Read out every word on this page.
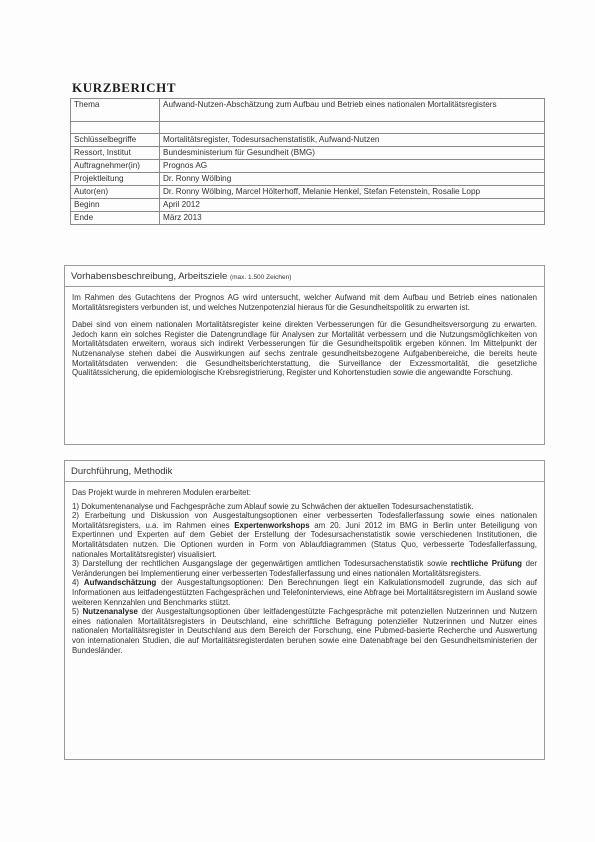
KURZBERICHT
Thema	Aufwand-Nutzen-Abschätzung zum Aufbau und Betrieb eines nationalen Mortalitätsregisters

Schlüsselbegriffe	Mortalitätsregister, Todesursachenstatistik, Aufwand-Nutzen
Ressort, Institut	Bundesministerium für Gesundheit (BMG)
Auftragnehmer(in)	Prognos AG
Projektleitung	Dr. Ronny Wölbing
Autor(en)	Dr. Ronny Wölbing, Marcel Hölterhoff, Melanie Henkel, Stefan Fetenstein, Rosalie Lopp
Beginn	April 2012
Ende	März 2013
Vorhabensbeschreibung, Arbeitsziele (max. 1.500 Zeichen)

Im Rahmen des Gutachtens der Prognos AG wird untersucht, welcher Aufwand mit dem Aufbau und Betrieb eines nationalen Mortalitätsregisters verbunden ist, und welches Nutzenpotenzial hieraus für die Gesundheitspolitik zu erwarten ist.

Dabei sind von einem nationalen Mortalitätsregister keine direkten Verbesserungen für die Gesundheitsversorgung zu erwarten. Jedoch kann ein solches Register die Datengrundlage für Analysen zur Mortalität verbessern und die Nutzungsmöglichkeiten von Mortalitätsdaten erweitern, woraus sich indirekt Verbesserungen für die Gesundheitspolitik ergeben können. Im Mittelpunkt der Nutzenanalyse stehen dabei die Auswirkungen auf sechs zentrale gesundheitsbezogene Aufgabenbereiche, die bereits heute Mortalitätsdaten verwenden: die Gesundheitsberichterstattung, die Surveillance der Exzessmortalität, die gesetzliche Qualitätssicherung, die epidemiologische Krebsregistrierung, Register und Kohortenstudien sowie die angewandte Forschung.

Durchführung, Methodik

Das Projekt wurde in mehreren Modulen erarbeitet:

1) Dokumentenanalyse und Fachgespräche zum Ablauf sowie zu Schwächen der aktuellen Todesursachenstatistik.

2) Erarbeitung und Diskussion von Ausgestaltungsoptionen einer verbesserten Todesfallerfassung sowie eines nationalen Mortalitätsregisters, u.a. im Rahmen eines Expertenworkshops am 20. Juni 2012 im BMG in Berlin unter Beteiligung von Expertinnen und Experten auf dem Gebiet der Erstellung der Todesursachenstatistik sowie verschiedenen Institutionen, die Mortalitätsdaten nutzen. Die Optionen wurden in Form von Ablaufdiagrammen (Status Quo, verbesserte Todesfallerfassung, nationales Mortalitätsregister) visualisiert.

3) Darstellung der rechtlichen Ausgangslage der gegenwärtigen amtlichen Todesursachenstatistik sowie rechtliche Prüfung der Veränderungen bei Implementierung einer verbesserten Todesfallerfassung und eines nationalen Mortalitätsregisters.

4) Aufwandschätzung der Ausgestaltungsoptionen: Den Berechnungen liegt ein Kalkulationsmodell zugrunde, das sich auf Informationen aus leitfadengestützten Fachgesprächen und Telefoninterviews, eine Abfrage bei Mortalitätsregistern im Ausland sowie weiteren Kennzahlen und Benchmarks stützt.

5) Nutzenanalyse der Ausgestaltungsoptionen über leitfadengestützte Fachgespräche mit potenziellen Nutzerinnen und Nutzern eines nationalen Mortalitätsregisters in Deutschland, eine schriftliche Befragung potenzieller Nutzerinnen und Nutzer eines nationalen Mortalitätsregister in Deutschland aus dem Bereich der Forschung, eine Pubmed-basierte Recherche und Auswertung von internationalen Studien, die auf Mortalitätsregisterdaten beruhen sowie eine Datenabfrage bei den Gesundheitsministerien der Bundesländer.
